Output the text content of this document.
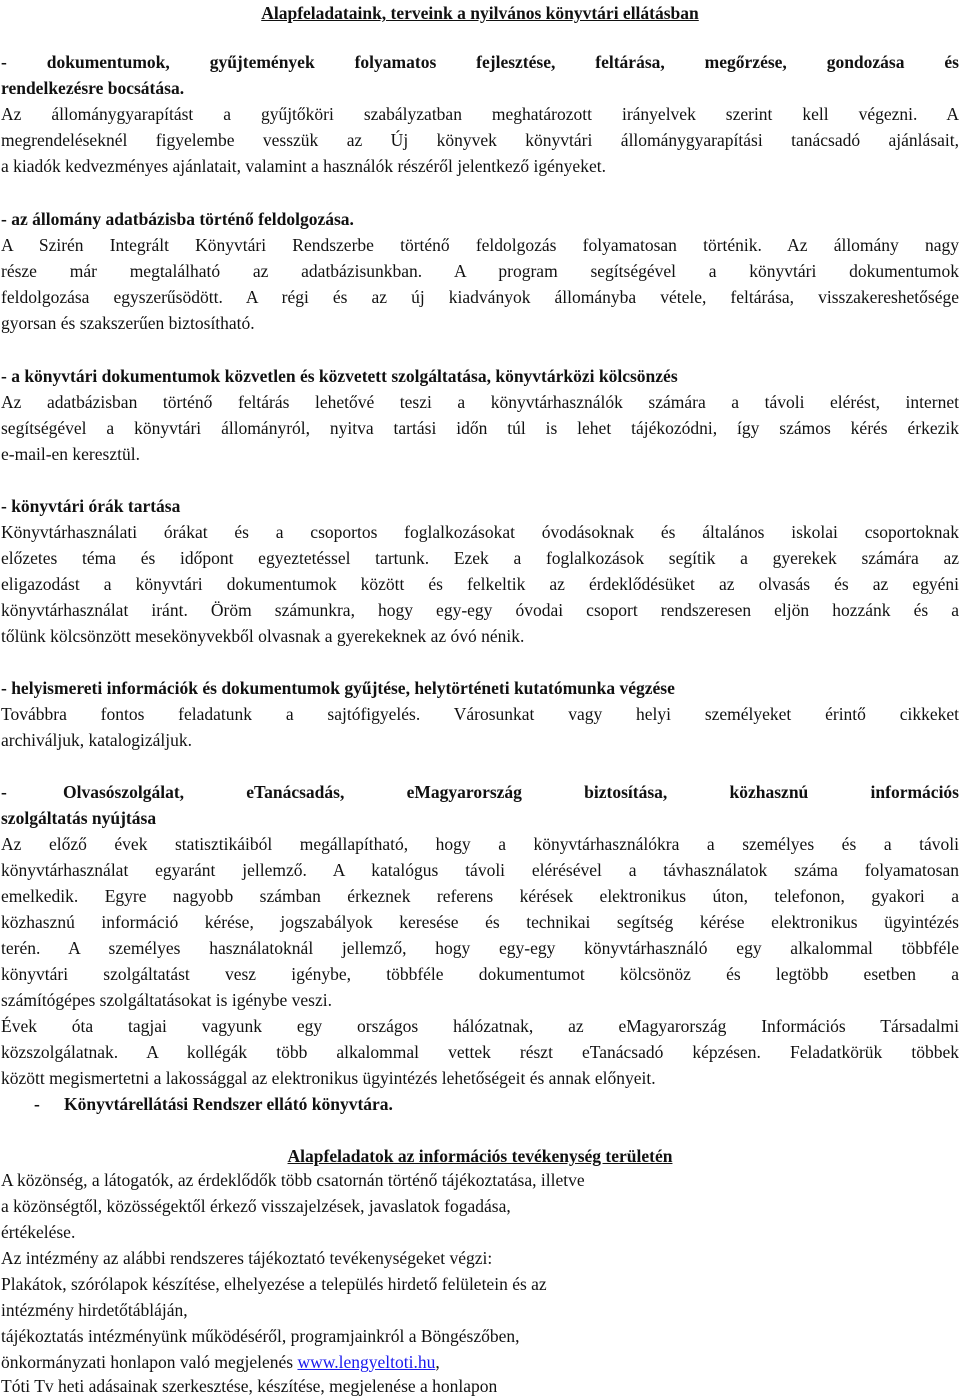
Alapfeladataink, terveink a nyilvános könyvtári ellátásban
- dokumentumok, gyűjtemények folyamatos fejlesztése, feltárása, megőrzése, gondozása és
rendelkezésre bocsátása.
Az állománygyarapítást a gyűjtőköri szabályzatban meghatározott irányelvek szerint kell végezni. A
megrendeléseknél figyelembe vesszük az Új könyvek könyvtári állománygyarapítási tanácsadó ajánlásait,
a kiadók kedvezményes ajánlatait, valamint a használók részéről jelentkező igényeket.
- az állomány adatbázisba történő feldolgozása.
A Szirén Integrált Könyvtári Rendszerbe történő feldolgozás folyamatosan történik. Az állomány nagy
része már megtalálható az adatbázisunkban. A program segítségével a könyvtári dokumentumok
feldolgozása egyszerűsödött. A régi és az új kiadványok állományba vétele, feltárása, visszakereshetősége
gyorsan és szakszerűen biztosítható.
- a könyvtári dokumentumok közvetlen és közvetett szolgáltatása, könyvtárközi kölcsönzés
Az adatbázisban történő feltárás lehetővé teszi a könyvtárhasználók számára a távoli elérést, internet
segítségével a könyvtári állományról, nyitva tartási időn túl is lehet tájékozódni, így számos kérés érkezik
e-mail-en keresztül.
- könyvtári órák tartása
Könyvtárhasználati órákat és a csoportos foglalkozásokat óvodásoknak és általános iskolai csoportoknak
előzetes téma és időpont egyeztetéssel tartunk. Ezek a foglalkozások segítik a gyerekek számára az
eligazodást a könyvtári dokumentumok között és felkeltik az érdeklődésüket az olvasás és az egyéni
könyvtárhasználat iránt. Öröm számunkra, hogy egy-egy óvodai csoport rendszeresen eljön hozzánk és a
tőlünk kölcsönzött mesekönyvekből olvasnak a gyerekeknek az óvó nénik.
- helyismereti információk és dokumentumok gyűjtése, helytörténeti kutatómunka végzése
Továbbra fontos feladatunk a sajtófigyelés. Városunkat vagy helyi személyeket érintő cikkeket
archiváljuk, katalogizáljuk.
-	Olvasószolgálat, eTanácsadás, eMagyarország biztosítása, közhasznú információs
szolgáltatás nyújtása
Az előző évek statisztikáiból megállapítható, hogy a könyvtárhasználókra a személyes és a távoli
könyvtárhasználat egyaránt jellemző. A katalógus távoli elérésével a távhasználatok száma folyamatosan
emelkedik. Egyre nagyobb számban érkeznek referens kérések elektronikus úton, telefonon, gyakori a
közhasznú információ kérése, jogszabályok keresése és technikai segítség kérése elektronikus ügyintézés
terén. A személyes használatoknál jellemző, hogy egy-egy könyvtárhasználó egy alkalommal többféle
könyvtári szolgáltatást vesz igénybe, többféle dokumentumot kölcsönöz és legtöbb esetben a
számítógépes szolgáltatásokat is igénybe veszi.
Évek óta tagjai vagyunk egy országos hálózatnak, az eMagyarország Információs Társadalmi
közszolgálatnak. A kollégák több alkalommal vettek részt eTanácsadó képzésen. Feladatkörük többek
között megismertetni a lakossággal az elektronikus ügyintézés lehetőségeit és annak előnyeit.
- Könyvtárellátási Rendszer ellátó könyvtára.
Alapfeladatok az információs tevékenység területén
A közönség, a látogatók, az érdeklődők több csatornán történő tájékoztatása, illetve
a közönségtől, közösségektől érkező visszajelzések, javaslatok fogadása,
értékelése.
Az intézmény az alábbi rendszeres tájékoztató tevékenységeket végzi:
Plakátok, szórólapok készítése, elhelyezése a település hirdető felületein és az
intézmény hirdetőtábláján,
tájékoztatás intézményünk működéséről, programjainkról a Böngészőben,
önkormányzati honlapon való megjelenés www.lengyeltoti.hu,
Tóti Tv heti adásainak szerkesztése, készítése, megjelenése a honlapon
